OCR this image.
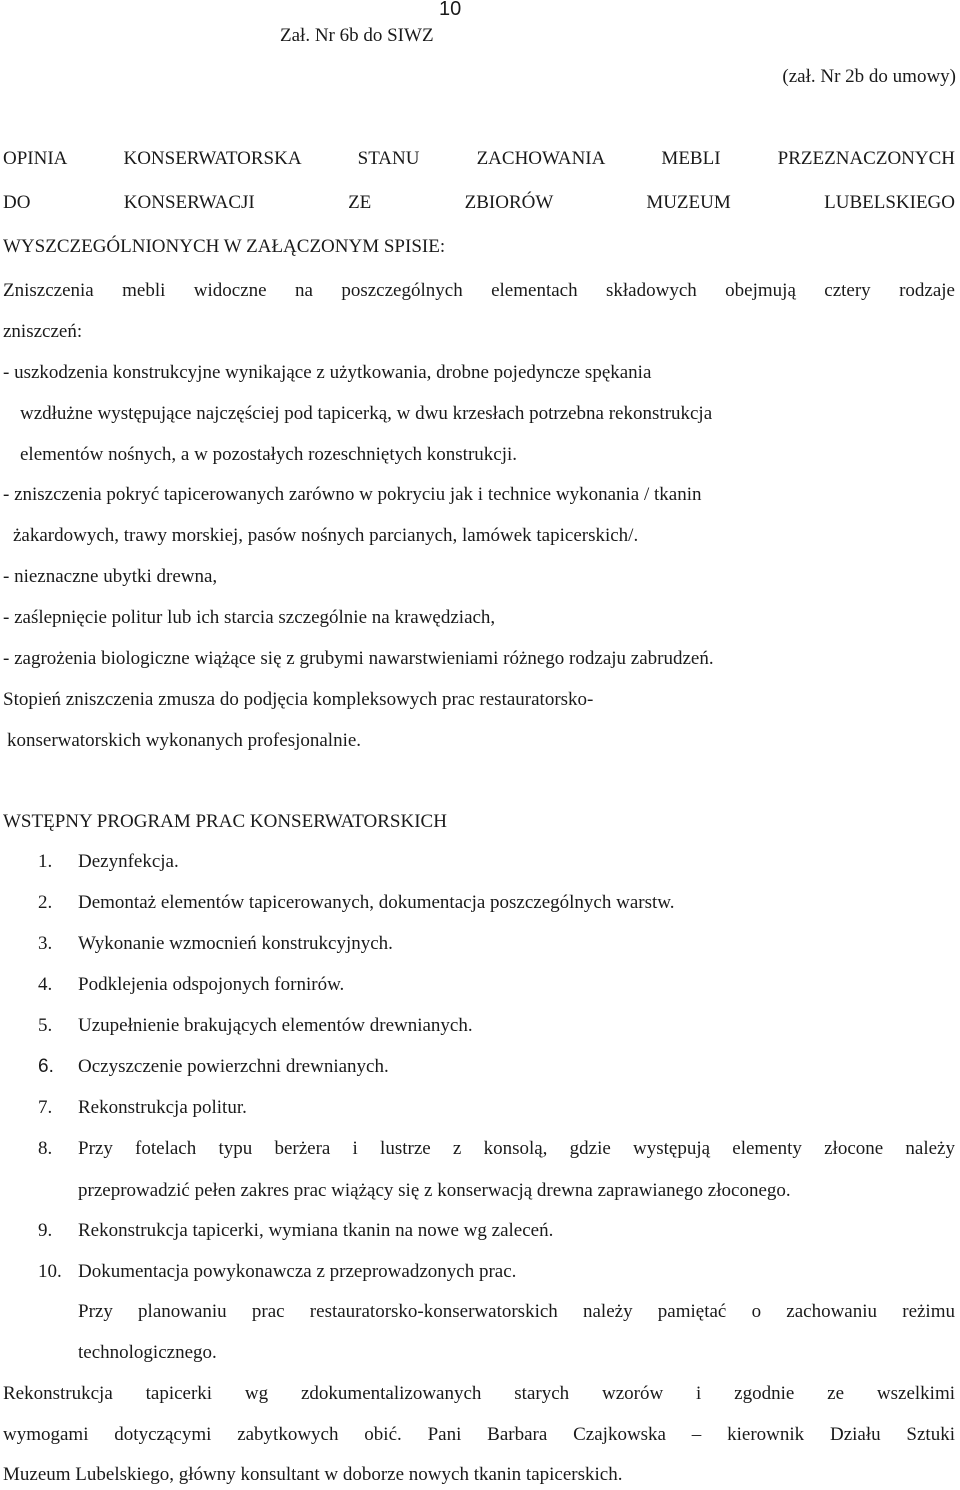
10
Zał. Nr 6b do SIWZ
(zał. Nr 2b do umowy)
OPINIA KONSERWATORSKA STANU ZACHOWANIA MEBLI PRZEZNACZONYCH
DO KONSERWACJI ZE ZBIORÓW MUZEUM LUBELSKIEGO
WYSZCZEGÓLNIONYCH W ZAŁĄCZONYM SPISIE:
Zniszczenia mebli widoczne na poszczególnych elementach składowych obejmują cztery rodzaje
zniszczeń:
- uszkodzenia konstrukcyjne wynikające z użytkowania, drobne pojedyncze spękania
wzdłużne występujące najczęściej pod tapicerką, w dwu krzesłach potrzebna rekonstrukcja
elementów nośnych, a w pozostałych rozeschniętych konstrukcji.
- zniszczenia pokryć tapicerowanych zarówno w pokryciu jak i technice wykonania / tkanin
żakardowych, trawy morskiej, pasów nośnych parcianych, lamówek tapicerskich/.
- nieznaczne ubytki drewna,
- zaślepnięcie politur lub ich starcia szczególnie na krawędziach,
- zagrożenia biologiczne wiążące się z grubymi nawarstwieniami różnego rodzaju zabrudzeń.
Stopień zniszczenia zmusza do podjęcia kompleksowych prac restauratorsko-
konserwatorskich wykonanych profesjonalnie.
WSTĘPNY PROGRAM PRAC KONSERWATORSKICH
1. Dezynfekcja.
2. Demontaż elementów tapicerowanych, dokumentacja poszczególnych warstw.
3. Wykonanie wzmocnień konstrukcyjnych.
4. Podklejenia odspojonych fornirów.
5. Uzupełnienie brakujących elementów drewnianych.
6. Oczyszczenie powierzchni drewnianych.
7. Rekonstrukcja politur.
8. Przy fotelach typu berżera i lustrze z konsolą, gdzie występują elementy złocone należy
przeprowadzić pełen zakres prac wiążący się z konserwacją drewna zaprawianego złoconego.
9. Rekonstrukcja tapicerki, wymiana tkanin na nowe wg zaleceń.
10. Dokumentacja powykonawcza z przeprowadzonych prac.
Przy planowaniu prac restauratorsko-konserwatorskich należy pamiętać o zachowaniu reżimu
technologicznego.
Rekonstrukcja tapicerki wg zdokumentalizowanych starych wzorów i zgodnie ze wszelkimi
wymogami dotyczącymi zabytkowych obić. Pani Barbara Czajkowska – kierownik Działu Sztuki
Muzeum Lubelskiego, główny konsultant w doborze nowych tkanin tapicerskich.
